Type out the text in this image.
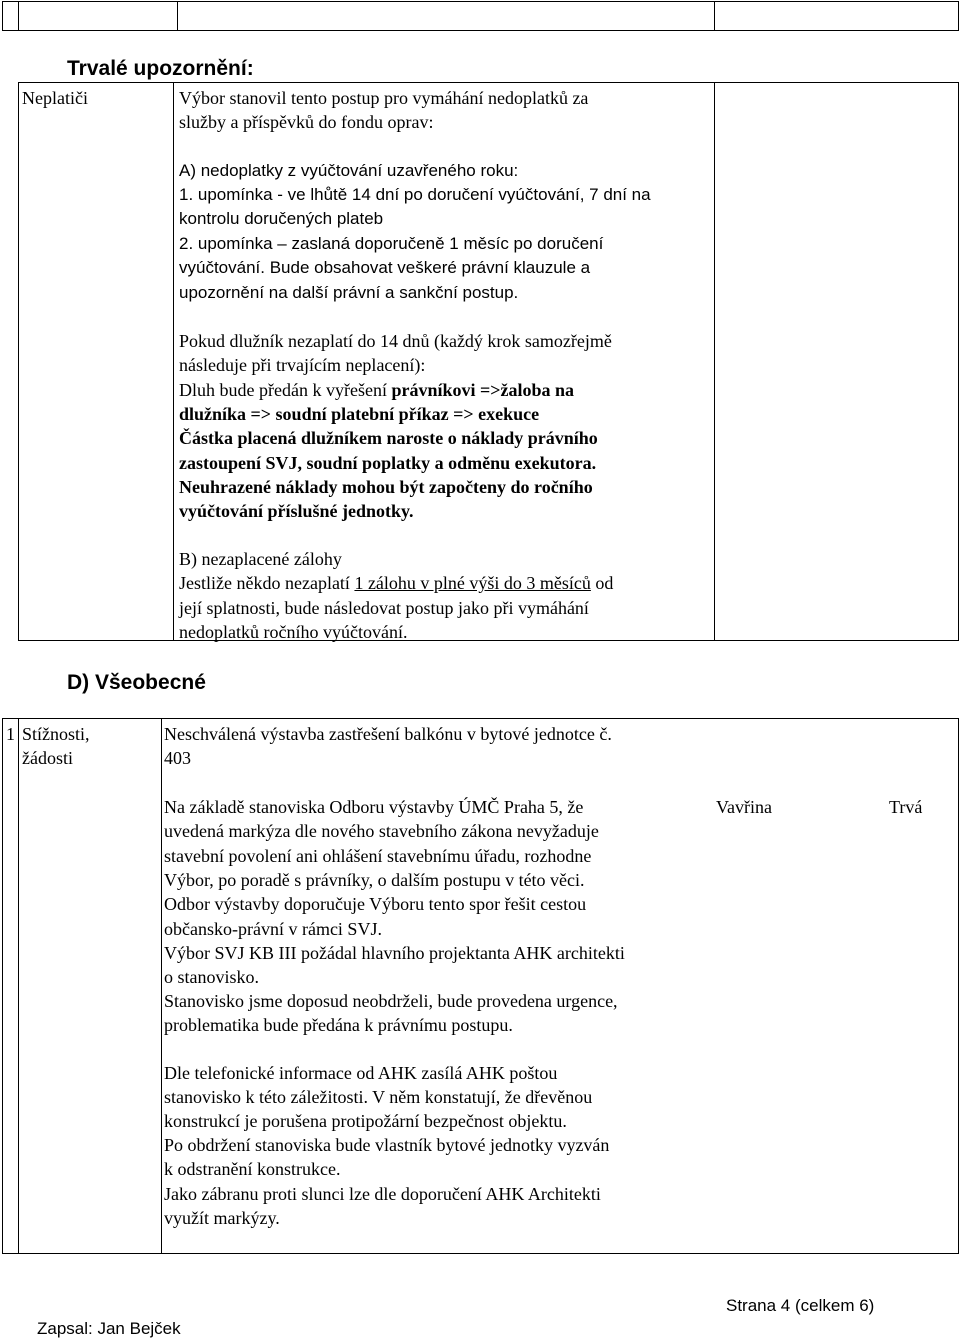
Trvalé upozornění:
Neplatiči	Výbor stanovil tento postup pro vymáhání nedoplatků za
služby a příspěvků do fondu oprav:
A) nedoplatky z vyúčtování uzavřeného roku:
1. upomínka - ve lhůtě 14 dní po doručení vyúčtování, 7 dní na
kontrolu doručených plateb
2. upomínka – zaslaná doporučeně 1 měsíc po doručení
vyúčtování. Bude obsahovat veškeré právní klauzule a
upozornění na další právní a sankční postup.
Pokud dlužník nezaplatí do 14 dnů (každý krok samozřejmě
následuje při trvajícím neplacení):
Dluh bude předán k vyřešení právníkovi =>žaloba na
dlužníka => soudní platební příkaz => exekuce
Částka placená dlužníkem naroste o náklady právního
zastoupení SVJ, soudní poplatky a odměnu exekutora.
Neuhrazené náklady mohou být započteny do ročního
vyúčtování příslušné jednotky.
B) nezaplacené zálohy
Jestliže někdo nezaplatí 1 zálohu v plné výši do 3 měsíců od
její splatnosti, bude následovat postup jako při vymáhání
nedoplatků ročního vyúčtování.
D) Všeobecné
1 Stížnosti,
žádosti
Neschválená výstavba zastřešení balkónu v bytové jednotce č.
403
Na základě stanoviska Odboru výstavby ÚMČ Praha 5, že
uvedená markýza dle nového stavebního zákona nevyžaduje
stavební povolení ani ohlášení stavebnímu úřadu, rozhodne
Výbor, po poradě s právníky, o dalším postupu v této věci.
Odbor výstavby doporučuje Výboru tento spor řešit cestou
občansko-právní v rámci SVJ.
Výbor SVJ KB III požádal hlavního projektanta AHK architekti
o stanovisko.
Stanovisko jsme doposud neobdrželi, bude provedena urgence,
problematika bude předána k právnímu postupu.
Dle telefonické informace od AHK zasílá AHK poštou
stanovisko k této záležitosti. V něm konstatují, že dřevěnou
konstrukcí je porušena protipožární bezpečnost objektu.
Po obdržení stanoviska bude vlastník bytové jednotky vyzván
k odstranění konstrukce.
Jako zábranu proti slunci lze dle doporučení AHK Architekti
využít markýzy.
Vavřina	Trvá
Zapsal: Jan Bejček
Strana 4 (celkem 6)
